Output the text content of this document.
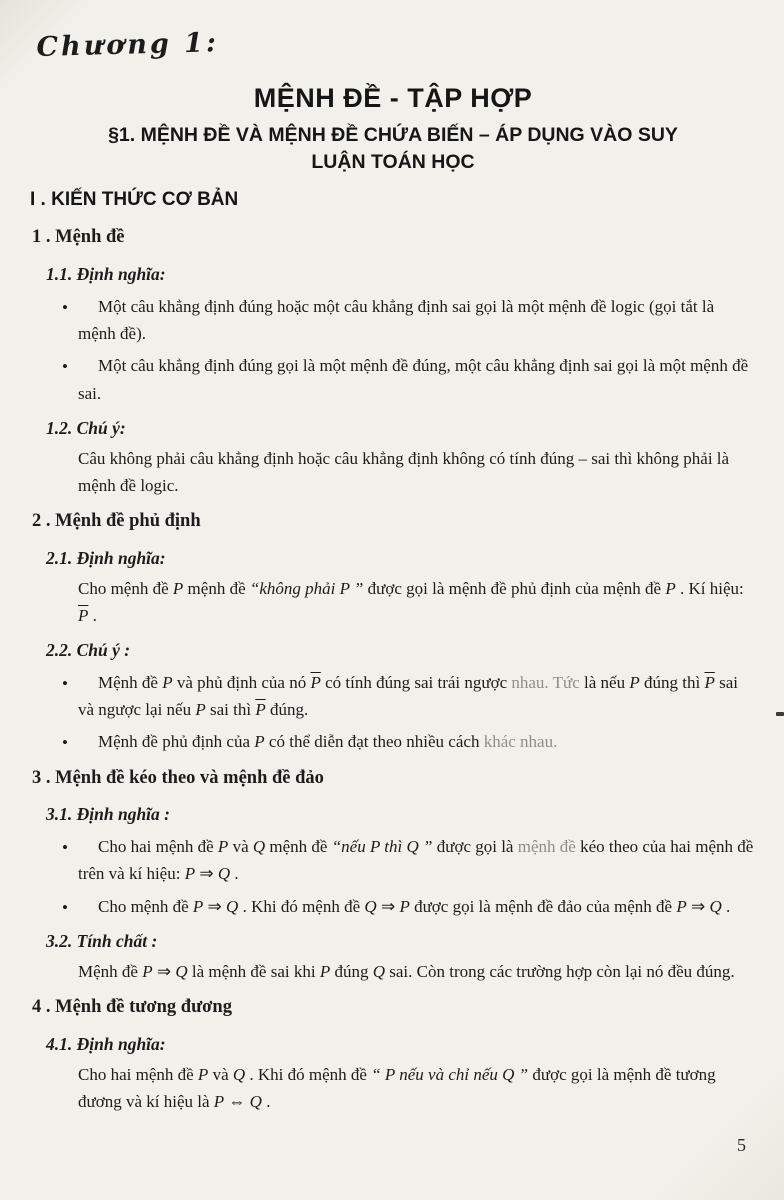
Chương 1:
MỆNH ĐỀ - TẬP HỢP
§1. MỆNH ĐỀ VÀ MỆNH ĐỀ CHỨA BIẾN – ÁP DỤNG VÀO SUY
LUẬN TOÁN HỌC
I . KIẾN THỨC CƠ BẢN
1 . Mệnh đề
1.1. Định nghĩa:
•	Một câu khẳng định đúng hoặc một câu khẳng định sai gọi là một mệnh đề logic (gọi tắt là mệnh đề).
•	Một câu khẳng định đúng gọi là một mệnh đề đúng, một câu khẳng định sai gọi là một mệnh đề sai.
1.2. Chú ý:
Câu không phải câu khẳng định hoặc câu khẳng định không có tính đúng – sai thì không phải là mệnh đề logic.
2 . Mệnh đề phủ định
2.1. Định nghĩa:
Cho mệnh đề P mệnh đề “không phải P ” được gọi là mệnh đề phủ định của mệnh đề P . Kí hiệu: $\overline{P}$ .
2.2. Chú ý :
•	Mệnh đề P và phủ định của nó $\overline{P}$ có tính đúng sai trái ngược nhau. Tức là nếu P đúng thì $\overline{P}$ sai và ngược lại nếu P sai thì $\overline{P}$ đúng.
•	Mệnh đề phủ định của P có thể diễn đạt theo nhiều cách khác nhau.
3 . Mệnh đề kéo theo và mệnh đề đảo
3.1. Định nghĩa :
•	Cho hai mệnh đề P và Q mệnh đề “nếu P thì Q ” được gọi là mệnh đề kéo theo của hai mệnh đề trên và kí hiệu: P ⇒ Q .
•	Cho mệnh đề P ⇒ Q . Khi đó mệnh đề Q ⇒ P được gọi là mệnh đề đảo của mệnh đề P ⇒ Q .
3.2. Tính chất :
Mệnh đề P ⇒ Q là mệnh đề sai khi P đúng Q sai. Còn trong các trường hợp còn lại nó đều đúng.
4 . Mệnh đề tương đương
4.1. Định nghĩa:
Cho hai mệnh đề P và Q . Khi đó mệnh đề “ P nếu và chỉ nếu Q ” được gọi là mệnh đề tương đương và kí hiệu là P ⇔ Q .
5
